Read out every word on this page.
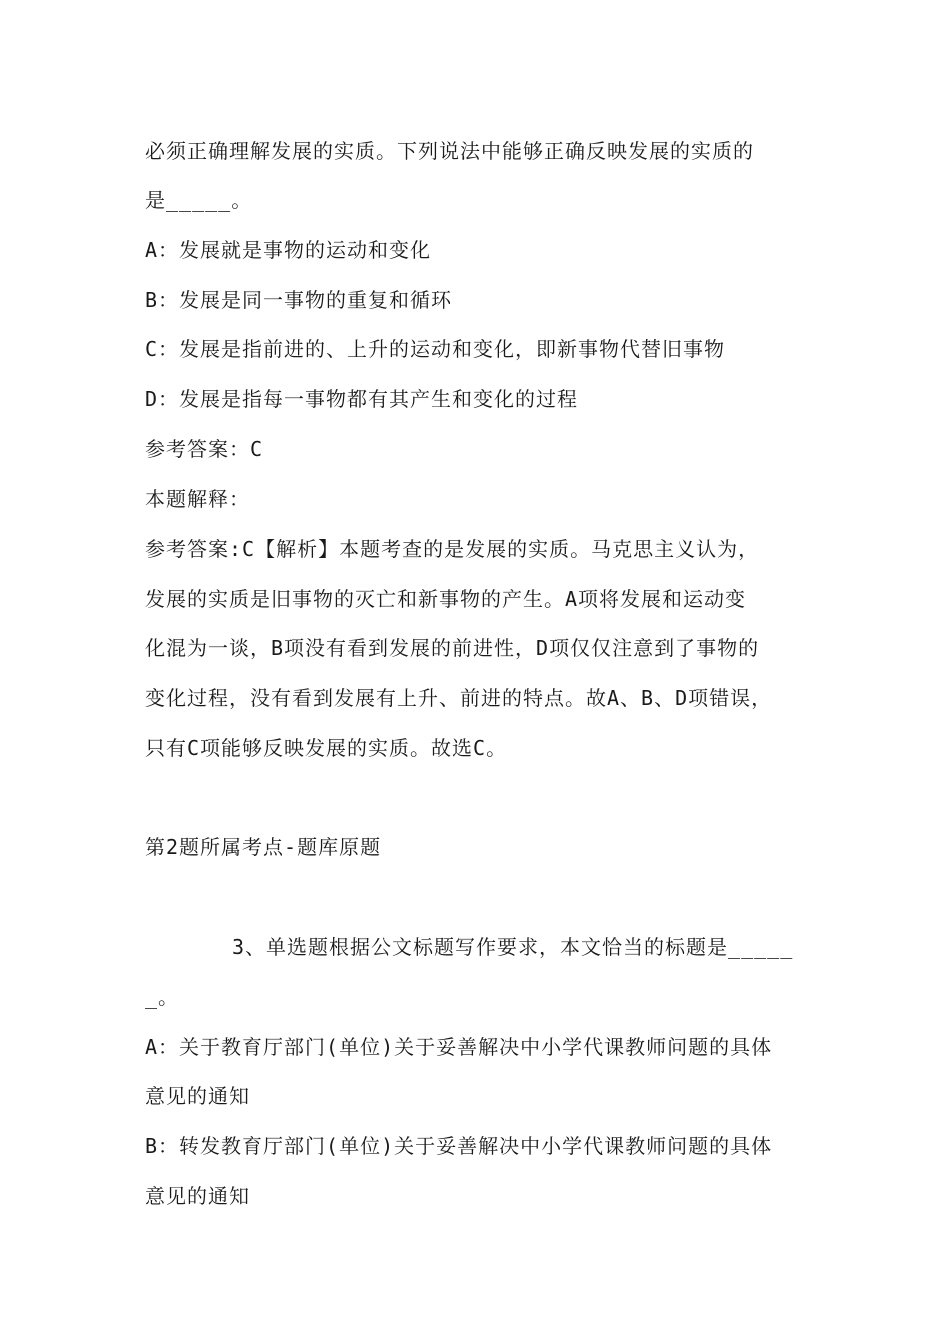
必须正确理解发展的实质。下列说法中能够正确反映发展的实质的
是_____。
A：发展就是事物的运动和变化
B：发展是同一事物的重复和循环
C：发展是指前进的、上升的运动和变化，即新事物代替旧事物
D：发展是指每一事物都有其产生和变化的过程
参考答案：C
本题解释：
参考答案:C【解析】本题考查的是发展的实质。马克思主义认为，
发展的实质是旧事物的灭亡和新事物的产生。A项将发展和运动变
化混为一谈，B项没有看到发展的前进性，D项仅仅注意到了事物的
变化过程，没有看到发展有上升、前进的特点。故A、B、D项错误，
只有C项能够反映发展的实质。故选C。
第2题所属考点-题库原题
3、单选题根据公文标题写作要求，本文恰当的标题是_____
_。
A：关于教育厅部门(单位)关于妥善解决中小学代课教师问题的具体
意见的通知
B：转发教育厅部门(单位)关于妥善解决中小学代课教师问题的具体
意见的通知
